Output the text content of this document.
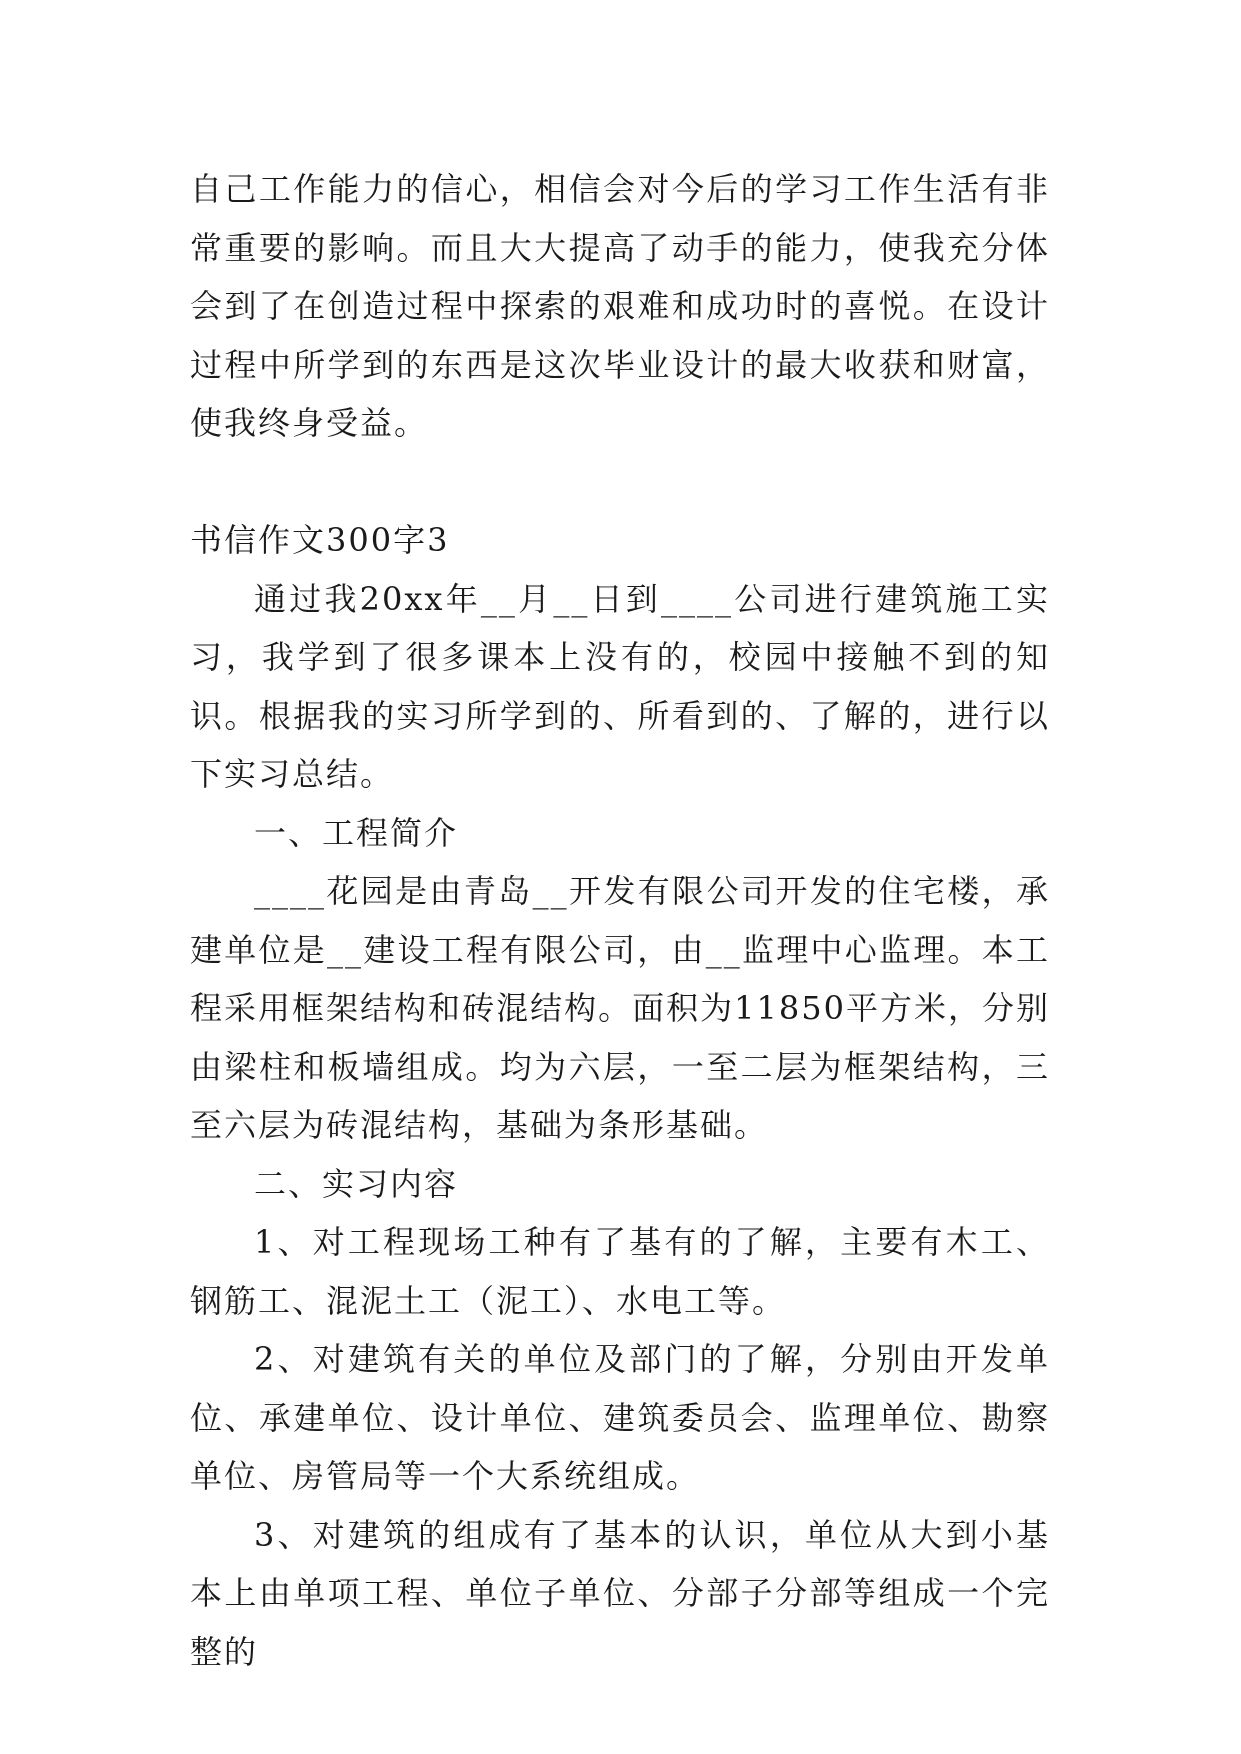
自己工作能力的信心，相信会对今后的学习工作生活有非常重要的影响。而且大大提高了动手的能力，使我充分体会到了在创造过程中探索的艰难和成功时的喜悦。在设计过程中所学到的东西是这次毕业设计的最大收获和财富，使我终身受益。

书信作文300字3

通过我20xx年__月__日到____公司进行建筑施工实习，我学到了很多课本上没有的，校园中接触不到的知识。根据我的实习所学到的、所看到的、了解的，进行以下实习总结。

一、工程简介

____花园是由青岛__开发有限公司开发的住宅楼，承建单位是__建设工程有限公司，由__监理中心监理。本工程采用框架结构和砖混结构。面积为11850平方米，分别由梁柱和板墙组成。均为六层，一至二层为框架结构，三至六层为砖混结构，基础为条形基础。

二、实习内容

1、对工程现场工种有了基有的了解，主要有木工、钢筋工、混泥土工（泥工）、水电工等。

2、对建筑有关的单位及部门的了解，分别由开发单位、承建单位、设计单位、建筑委员会、监理单位、勘察单位、房管局等一个大系统组成。

3、对建筑的组成有了基本的认识，单位从大到小基本上由单项工程、单位子单位、分部子分部等组成一个完整的
